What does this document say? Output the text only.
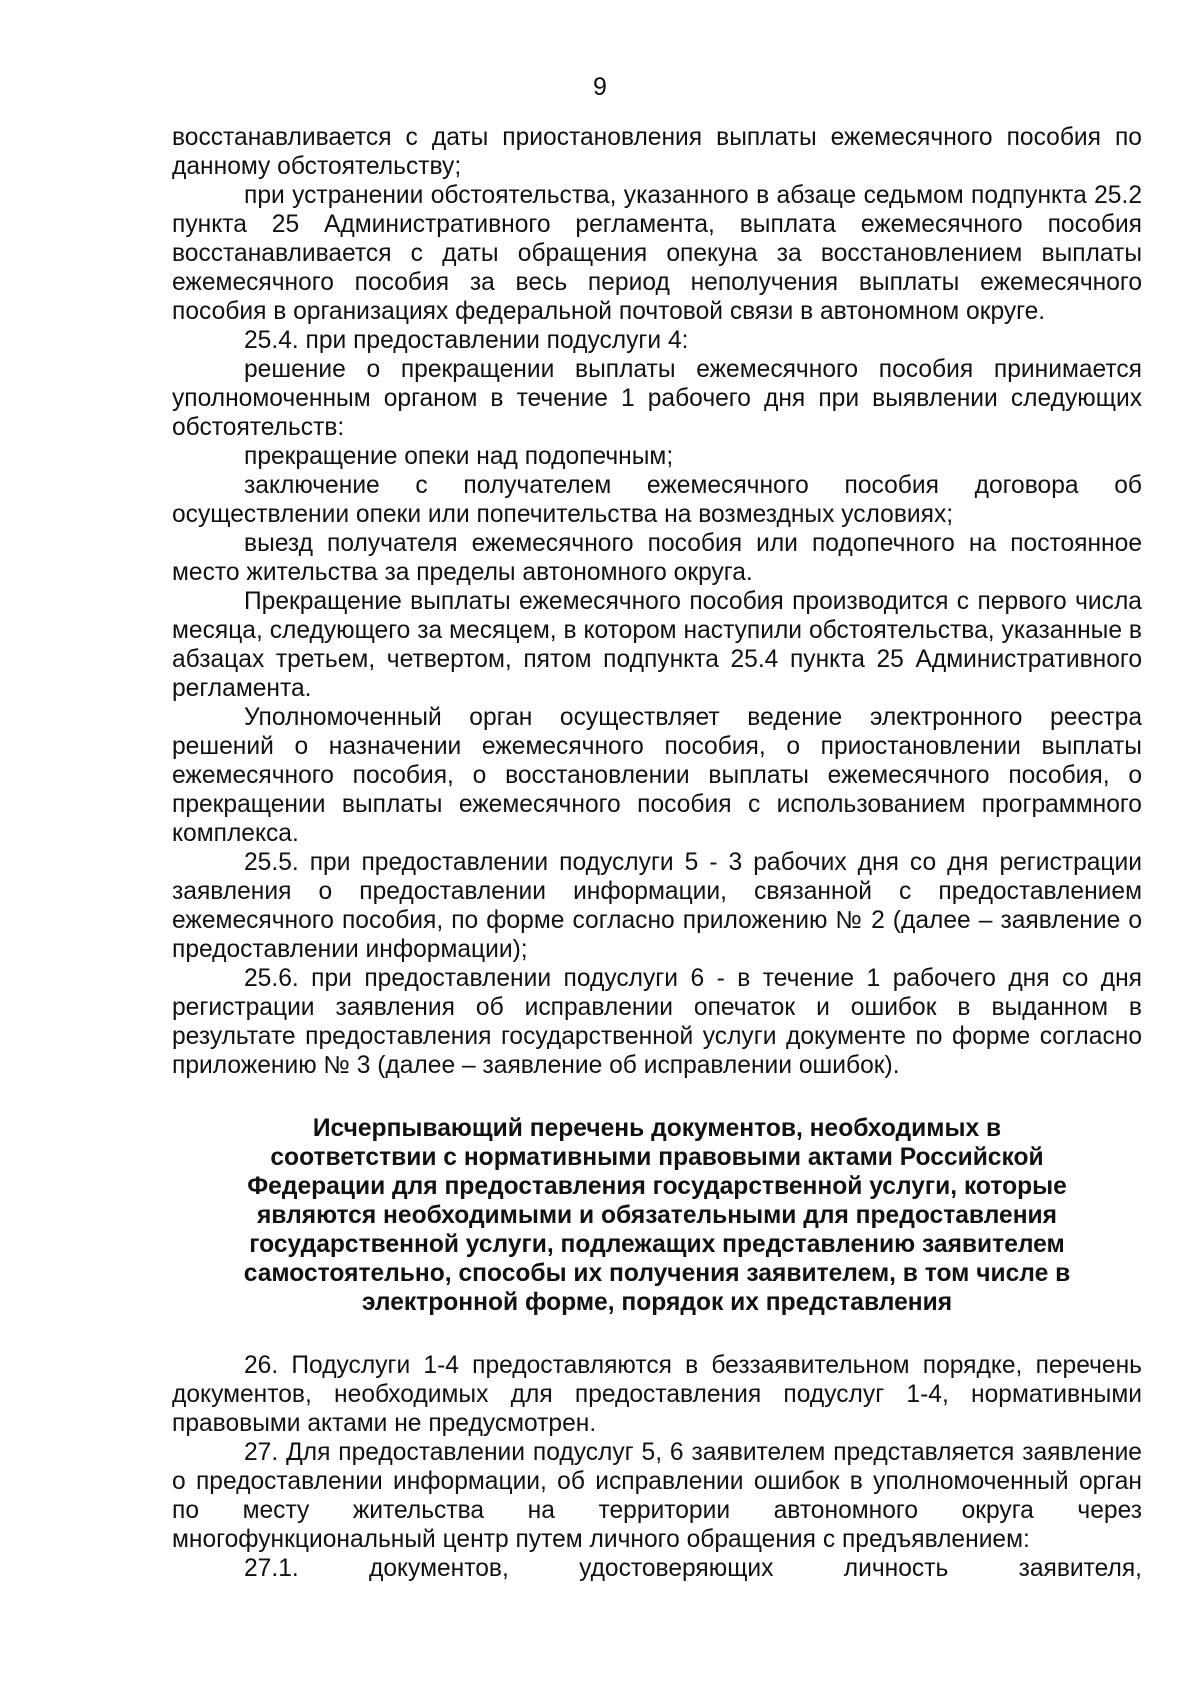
9

восстанавливается с даты приостановления выплаты ежемесячного пособия по данному обстоятельству;

при устранении обстоятельства, указанного в абзаце седьмом подпункта 25.2 пункта 25 Административного регламента, выплата ежемесячного пособия восстанавливается с даты обращения опекуна за восстановлением выплаты ежемесячного пособия за весь период неполучения выплаты ежемесячного пособия в организациях федеральной почтовой связи в автономном округе.

25.4. при предоставлении подуслуги 4:

решение о прекращении выплаты ежемесячного пособия принимается уполномоченным органом в течение 1 рабочего дня при выявлении следующих обстоятельств:

прекращение опеки над подопечным;

заключение с получателем ежемесячного пособия договора об осуществлении опеки или попечительства на возмездных условиях;

выезд получателя ежемесячного пособия или подопечного на постоянное место жительства за пределы автономного округа.

Прекращение выплаты ежемесячного пособия производится с первого числа месяца, следующего за месяцем, в котором наступили обстоятельства, указанные в абзацах третьем, четвертом, пятом подпункта 25.4 пункта 25 Административного регламента.

Уполномоченный орган осуществляет ведение электронного реестра решений о назначении ежемесячного пособия, о приостановлении выплаты ежемесячного пособия, о восстановлении выплаты ежемесячного пособия, о прекращении выплаты ежемесячного пособия с использованием программного комплекса.

25.5. при предоставлении подуслуги 5 - 3 рабочих дня со дня регистрации заявления о предоставлении информации, связанной с предоставлением ежемесячного пособия, по форме согласно приложению № 2 (далее – заявление о предоставлении информации);

25.6. при предоставлении подуслуги 6 - в течение 1 рабочего дня со дня регистрации заявления об исправлении опечаток и ошибок в выданном в результате предоставления государственной услуги документе по форме согласно приложению № 3 (далее – заявление об исправлении ошибок).

Исчерпывающий перечень документов, необходимых в соответствии с нормативными правовыми актами Российской Федерации для предоставления государственной услуги, которые являются необходимыми и обязательными для предоставления государственной услуги, подлежащих представлению заявителем самостоятельно, способы их получения заявителем, в том числе в электронной форме, порядок их представления

26. Подуслуги 1-4 предоставляются в беззаявительном порядке, перечень документов, необходимых для предоставления подуслуг 1-4, нормативными правовыми актами не предусмотрен.

27. Для предоставлении подуслуг 5, 6 заявителем представляется заявление о предоставлении информации, об исправлении ошибок в уполномоченный орган по месту жительства на территории автономного округа через многофункциональный центр путем личного обращения с предъявлением:

27.1. документов, удостоверяющих личность заявителя,
